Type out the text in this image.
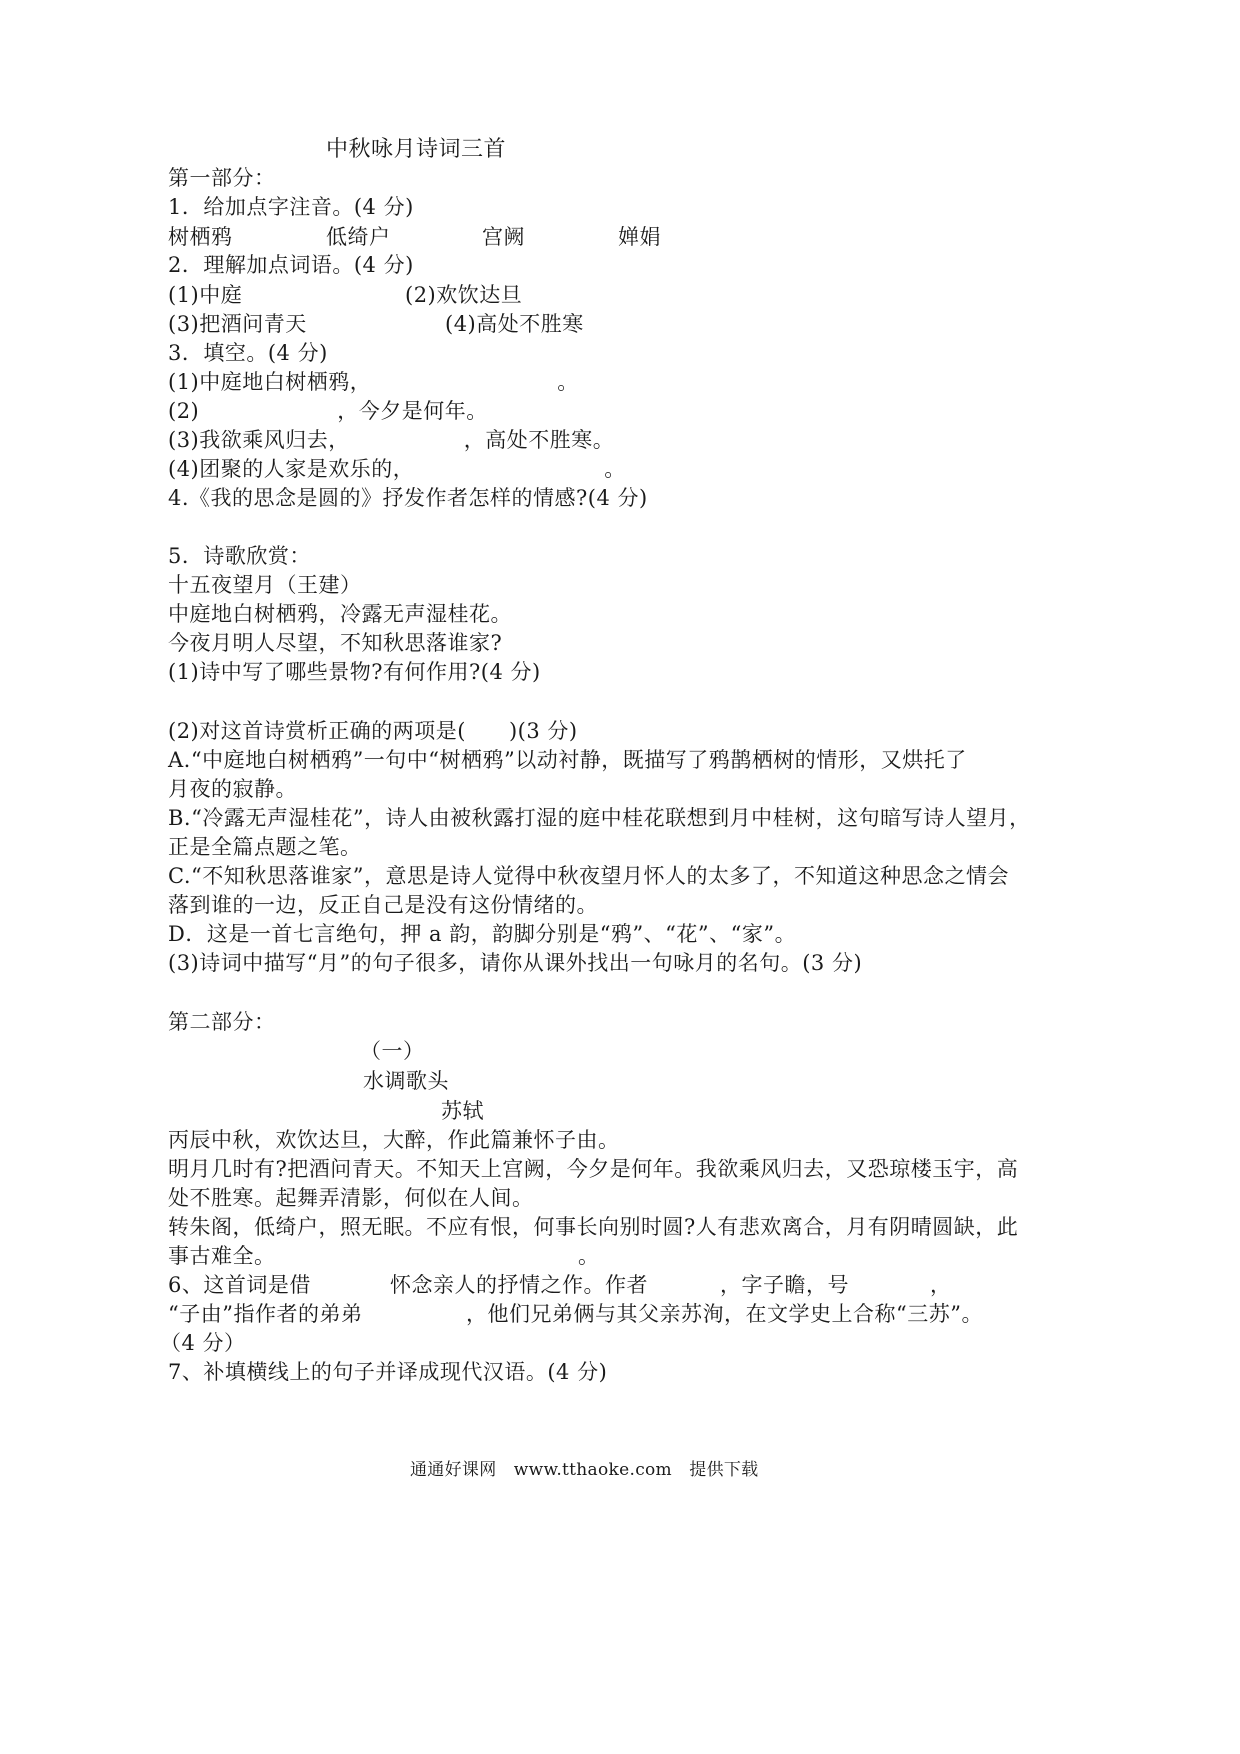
中秋咏月诗词三首
第一部分：
1．给加点字注音。(4 分)
树栖鸦	低绮户	宫阙	婵娟
2．理解加点词语。(4 分)
(1)中庭	(2)欢饮达旦
(3)把酒问青天	(4)高处不胜寒
3．填空。(4 分)
(1)中庭地白树栖鸦，	。
(2)	，今夕是何年。
(3)我欲乘风归去，	，高处不胜寒。
(4)团聚的人家是欢乐的，	。
4.《我的思念是圆的》抒发作者怎样的情感?(4 分)
5．诗歌欣赏：
十五夜望月（王建）
中庭地白树栖鸦，冷露无声湿桂花。
今夜月明人尽望，不知秋思落谁家?
(1)诗中写了哪些景物?有何作用?(4 分)
(2)对这首诗赏析正确的两项是(　　)(3 分)
A.“中庭地白树栖鸦”一句中“树栖鸦”以动衬静，既描写了鸦鹊栖树的情形，又烘托了
月夜的寂静。
B.“冷露无声湿桂花”，诗人由被秋露打湿的庭中桂花联想到月中桂树，这句暗写诗人望月，
正是全篇点题之笔。
C.“不知秋思落谁家”，意思是诗人觉得中秋夜望月怀人的太多了，不知道这种思念之情会
落到谁的一边，反正自己是没有这份情绪的。
D．这是一首七言绝句，押 a 韵，韵脚分别是“鸦”、“花”、“家”。
(3)诗词中描写“月”的句子很多，请你从课外找出一句咏月的名句。(3 分)
第二部分：
（一）
水调歌头
苏轼
丙辰中秋，欢饮达旦，大醉，作此篇兼怀子由。
明月几时有?把酒问青天。不知天上宫阙，今夕是何年。我欲乘风归去，又恐琼楼玉宇，高
处不胜寒。起舞弄清影，何似在人间。
转朱阁，低绮户，照无眠。不应有恨，何事长向别时圆?人有悲欢离合，月有阴晴圆缺，此
事古难全。	。
6、这首词是借	怀念亲人的抒情之作。作者	，字子瞻，号	，
“子由”指作者的弟弟	，他们兄弟俩与其父亲苏洵，在文学史上合称“三苏”。
（4 分）
7、补填横线上的句子并译成现代汉语。(4 分)
通通好课网　www.tthaoke.com　提供下载
